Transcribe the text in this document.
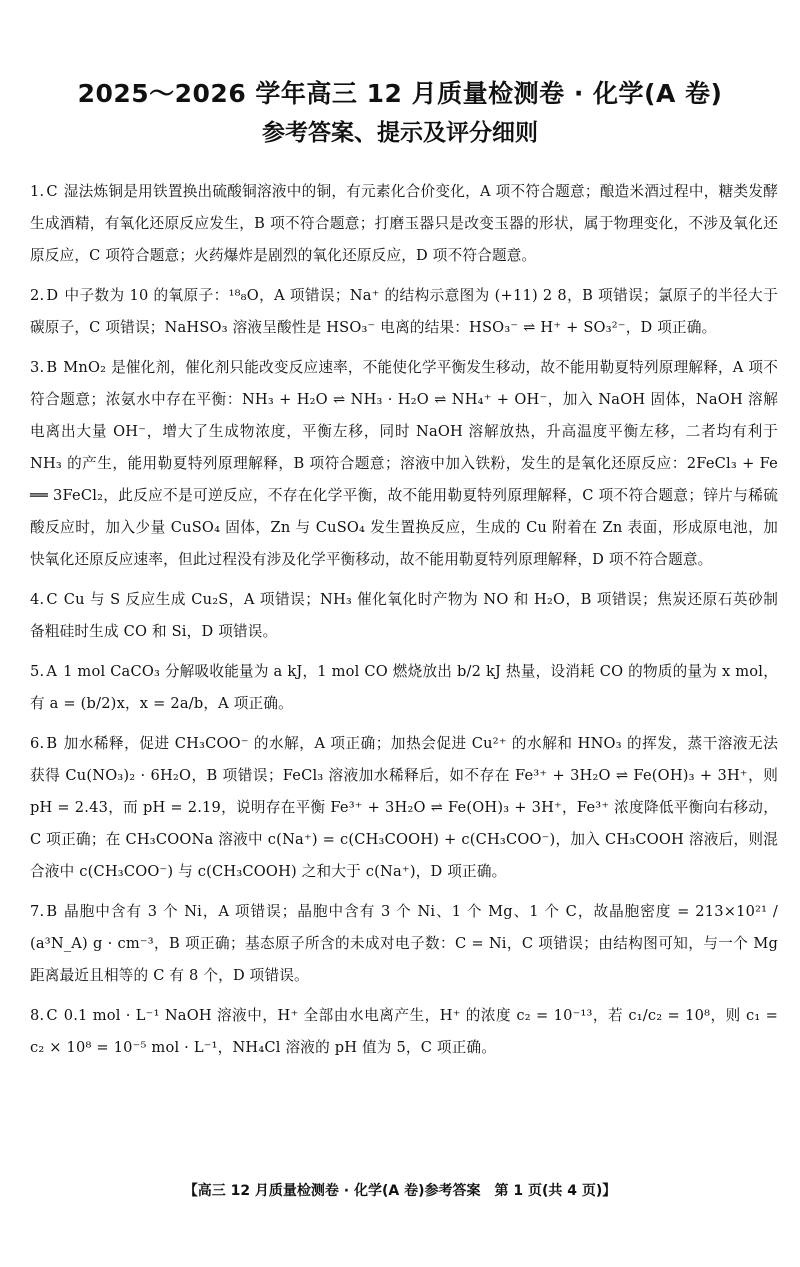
2025～2026 学年高三 12 月质量检测卷 · 化学(A 卷)
参考答案、提示及评分细则

1. C 湿法炼铜是用铁置换出硫酸铜溶液中的铜，有元素化合价变化，A 项不符合题意；酿造米酒过程中，糖类发酵生成酒精，有氧化还原反应发生，B 项不符合题意；打磨玉器只是改变玉器的形状，属于物理变化，不涉及氧化还原反应，C 项符合题意；火药爆炸是剧烈的氧化还原反应，D 项不符合题意。

2. D 中子数为 10 的氧原子：¹⁸₈O，A 项错误；Na⁺ 的结构示意图为 (+11) 2 8，B 项错误；氯原子的半径大于碳原子，C 项错误；NaHSO₃ 溶液呈酸性是 HSO₃⁻ 电离的结果：HSO₃⁻ ⇌ H⁺ + SO₃²⁻，D 项正确。

3. B MnO₂ 是催化剂，催化剂只能改变反应速率，不能使化学平衡发生移动，故不能用勒夏特列原理解释，A 项不符合题意；浓氨水中存在平衡：NH₃ + H₂O ⇌ NH₃ · H₂O ⇌ NH₄⁺ + OH⁻，加入 NaOH 固体，NaOH 溶解电离出大量 OH⁻，增大了生成物浓度，平衡左移，同时 NaOH 溶解放热，升高温度平衡左移，二者均有利于 NH₃ 的产生，能用勒夏特列原理解释，B 项符合题意；溶液中加入铁粉，发生的是氧化还原反应：2FeCl₃ + Fe ══ 3FeCl₂，此反应不是可逆反应，不存在化学平衡，故不能用勒夏特列原理解释，C 项不符合题意；锌片与稀硫酸反应时，加入少量 CuSO₄ 固体，Zn 与 CuSO₄ 发生置换反应，生成的 Cu 附着在 Zn 表面，形成原电池，加快氧化还原反应速率，但此过程没有涉及化学平衡移动，故不能用勒夏特列原理解释，D 项不符合题意。

4. C Cu 与 S 反应生成 Cu₂S，A 项错误；NH₃ 催化氧化时产物为 NO 和 H₂O，B 项错误；焦炭还原石英砂制备粗硅时生成 CO 和 Si，D 项错误。

5. A 1 mol CaCO₃ 分解吸收能量为 a kJ，1 mol CO 燃烧放出 b/2 kJ 热量，设消耗 CO 的物质的量为 x mol，有 a = (b/2)x，x = 2a/b，A 项正确。

6. B 加水稀释，促进 CH₃COO⁻ 的水解，A 项正确；加热会促进 Cu²⁺ 的水解和 HNO₃ 的挥发，蒸干溶液无法获得 Cu(NO₃)₂ · 6H₂O，B 项错误；FeCl₃ 溶液加水稀释后，如不存在 Fe³⁺ + 3H₂O ⇌ Fe(OH)₃ + 3H⁺，则 pH = 2.43，而 pH = 2.19，说明存在平衡 Fe³⁺ + 3H₂O ⇌ Fe(OH)₃ + 3H⁺，Fe³⁺ 浓度降低平衡向右移动，C 项正确；在 CH₃COONa 溶液中 c(Na⁺) = c(CH₃COOH) + c(CH₃COO⁻)，加入 CH₃COOH 溶液后，则混合液中 c(CH₃COO⁻) 与 c(CH₃COOH) 之和大于 c(Na⁺)，D 项正确。

7. B 晶胞中含有 3 个 Ni，A 项错误；晶胞中含有 3 个 Ni、1 个 Mg、1 个 C，故晶胞密度 = 213×10²¹ / (a³N_A) g · cm⁻³，B 项正确；基态原子所含的未成对电子数：C = Ni，C 项错误；由结构图可知，与一个 Mg 距离最近且相等的 C 有 8 个，D 项错误。

8. C 0.1 mol · L⁻¹ NaOH 溶液中，H⁺ 全部由水电离产生，H⁺ 的浓度 c₂ = 10⁻¹³，若 c₁/c₂ = 10⁸，则 c₁ = c₂ × 10⁸ = 10⁻⁵ mol · L⁻¹，NH₄Cl 溶液的 pH 值为 5，C 项正确。

【高三 12 月质量检测卷 · 化学(A 卷)参考答案　第 1 页(共 4 页)】
